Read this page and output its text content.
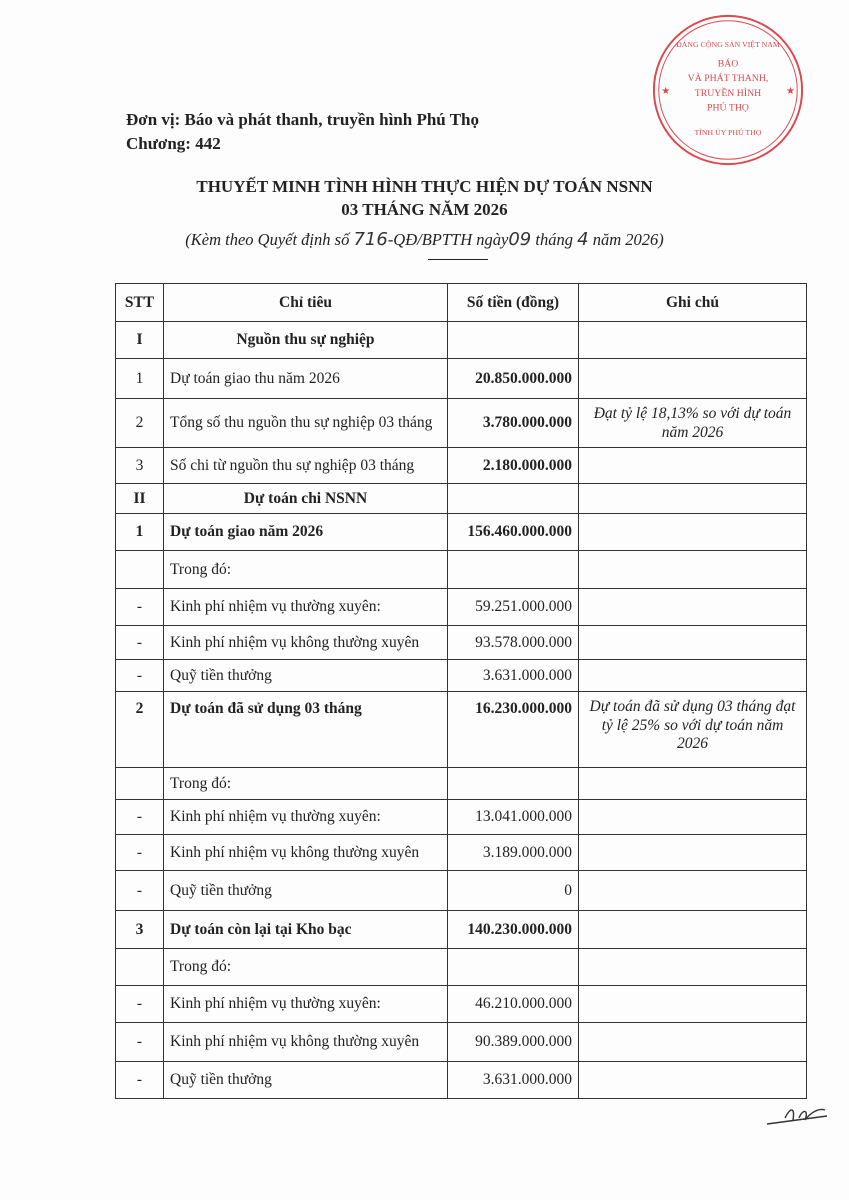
Đơn vị: Báo và phát thanh, truyền hình Phú Thọ
Chương: 442
ĐẢNG CỘNG SẢN VIỆT NAM
BÁO
VÀ PHÁT THANH,
TRUYỀN HÌNH
PHÚ THỌ
TỈNH ỦY PHÚ THỌ
★	★
THUYẾT MINH TÌNH HÌNH THỰC HIỆN DỰ TOÁN NSNN
03 THÁNG NĂM 2026
(Kèm theo Quyết định số 716-QĐ/BPTTH ngày09 tháng 4 năm 2026)
STT	Chỉ tiêu	Số tiền (đồng)	Ghi chú
I	Nguồn thu sự nghiệp		
1	Dự toán giao thu năm 2026	20.850.000.000	
2	Tổng số thu nguồn thu sự nghiệp 03 tháng	3.780.000.000	Đạt tỷ lệ 18,13% so với dự toán năm 2026
3	Số chi từ nguồn thu sự nghiệp 03 tháng	2.180.000.000	
II	Dự toán chi NSNN		
1	Dự toán giao năm 2026	156.460.000.000	
	Trong đó:		
-	Kinh phí nhiệm vụ thường xuyên:	59.251.000.000	
-	Kinh phí nhiệm vụ không thường xuyên	93.578.000.000	
-	Quỹ tiền thưởng	3.631.000.000	
2	Dự toán đã sử dụng 03 tháng	16.230.000.000	Dự toán đã sử dụng 03 tháng đạt tỷ lệ 25% so với dự toán năm 2026
	Trong đó:		
-	Kinh phí nhiệm vụ thường xuyên:	13.041.000.000	
-	Kinh phí nhiệm vụ không thường xuyên	3.189.000.000	
-	Quỹ tiền thưởng	0	
3	Dự toán còn lại tại Kho bạc	140.230.000.000	
	Trong đó:		
-	Kinh phí nhiệm vụ thường xuyên:	46.210.000.000	
-	Kinh phí nhiệm vụ không thường xuyên	90.389.000.000	
-	Quỹ tiền thưởng	3.631.000.000	
